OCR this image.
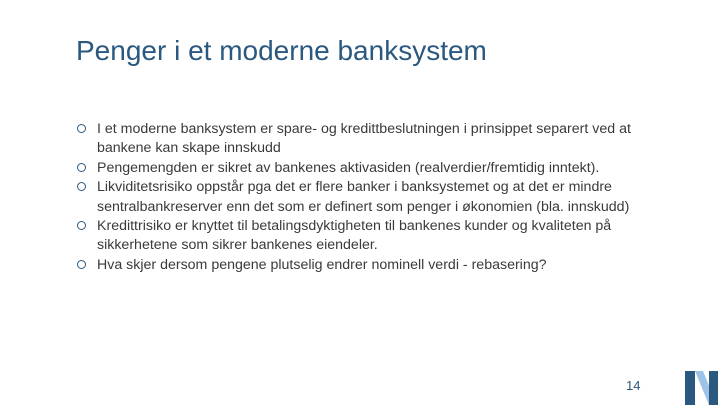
Penger i et moderne banksystem
I et moderne banksystem er spare- og kredittbeslutningen i prinsippet separert ved at bankene kan skape innskudd
Pengemengden er sikret av bankenes aktivasiden (realverdier/fremtidig inntekt).
Likviditetsrisiko oppstår pga det er flere banker i banksystemet og at det er mindre sentralbankreserver enn det som er definert som penger i økonomien (bla. innskudd)
Kredittrisiko er knyttet til betalingsdyktigheten til bankenes kunder og kvaliteten på sikkerhetene som sikrer bankenes eiendeler.
Hva skjer dersom pengene plutselig endrer nominell verdi - rebasering?
14
